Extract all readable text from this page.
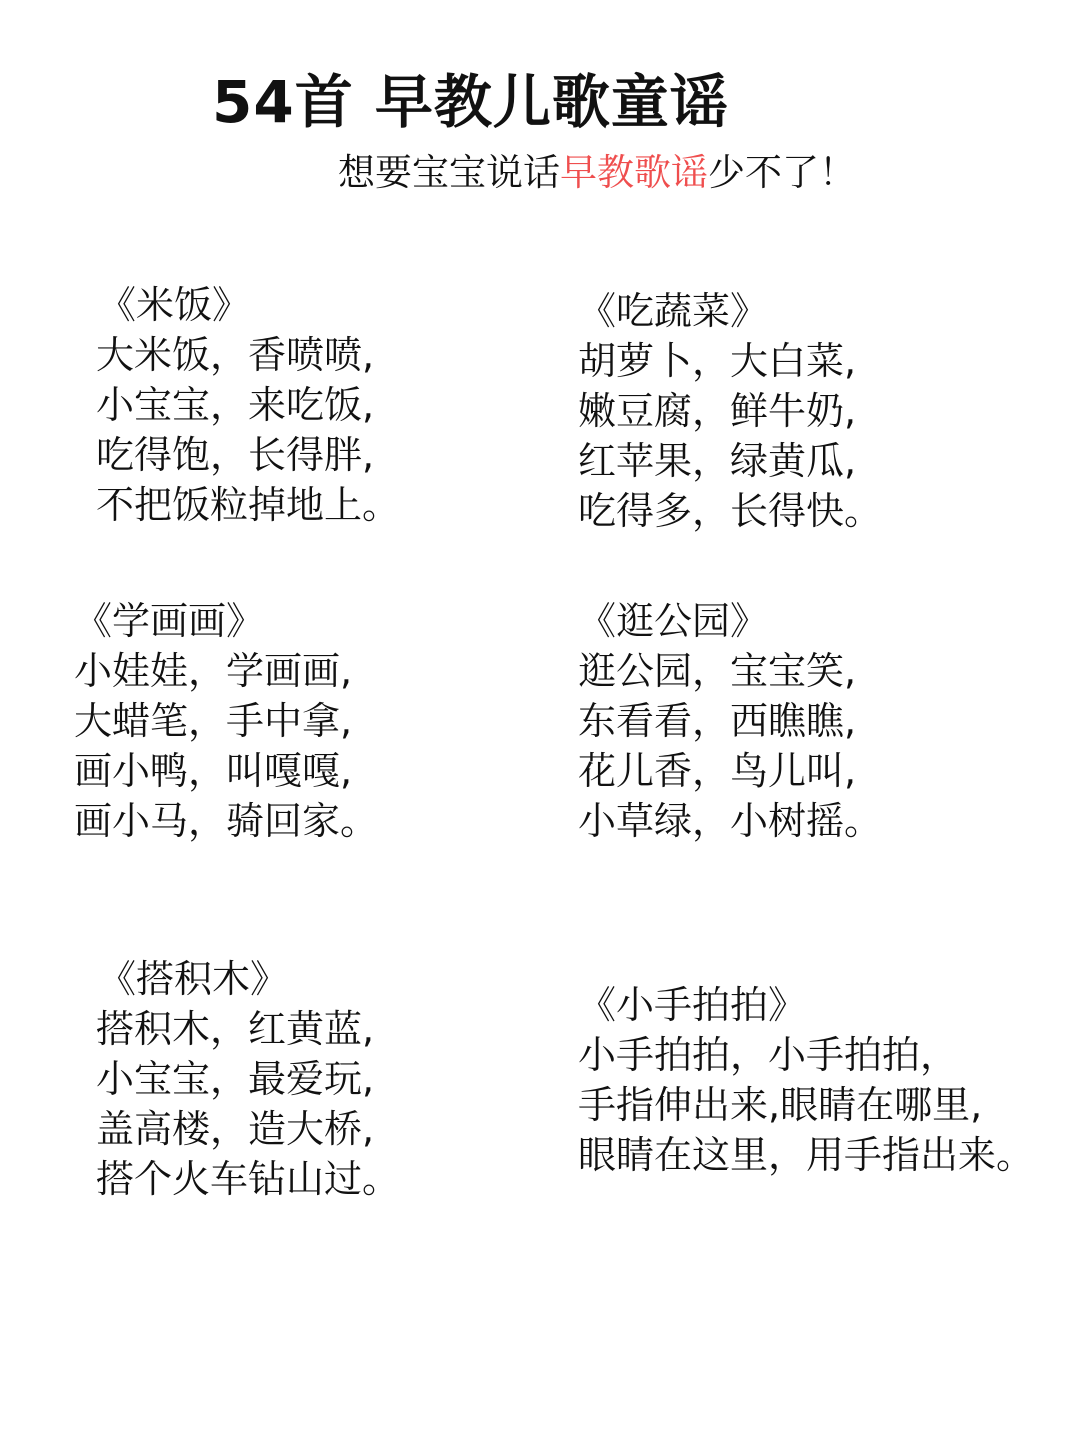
54首 早教儿歌童谣
想要宝宝说话早教歌谣少不了！
《米饭》
大米饭，香喷喷,
小宝宝，来吃饭,
吃得饱，长得胖,
不把饭粒掉地上。
《吃蔬菜》
胡萝卜，大白菜,
嫩豆腐，鲜牛奶,
红苹果，绿黄瓜,
吃得多，长得快。
《学画画》
小娃娃，学画画,
大蜡笔，手中拿,
画小鸭，叫嘎嘎,
画小马，骑回家。
《逛公园》
逛公园，宝宝笑,
东看看，西瞧瞧,
花儿香，鸟儿叫,
小草绿，小树摇。
《搭积木》
搭积木，红黄蓝,
小宝宝，最爱玩,
盖高楼，造大桥,
搭个火车钻山过。
《小手拍拍》
小手拍拍，小手拍拍，
手指伸出来,眼睛在哪里,
眼睛在这里，用手指出来。
